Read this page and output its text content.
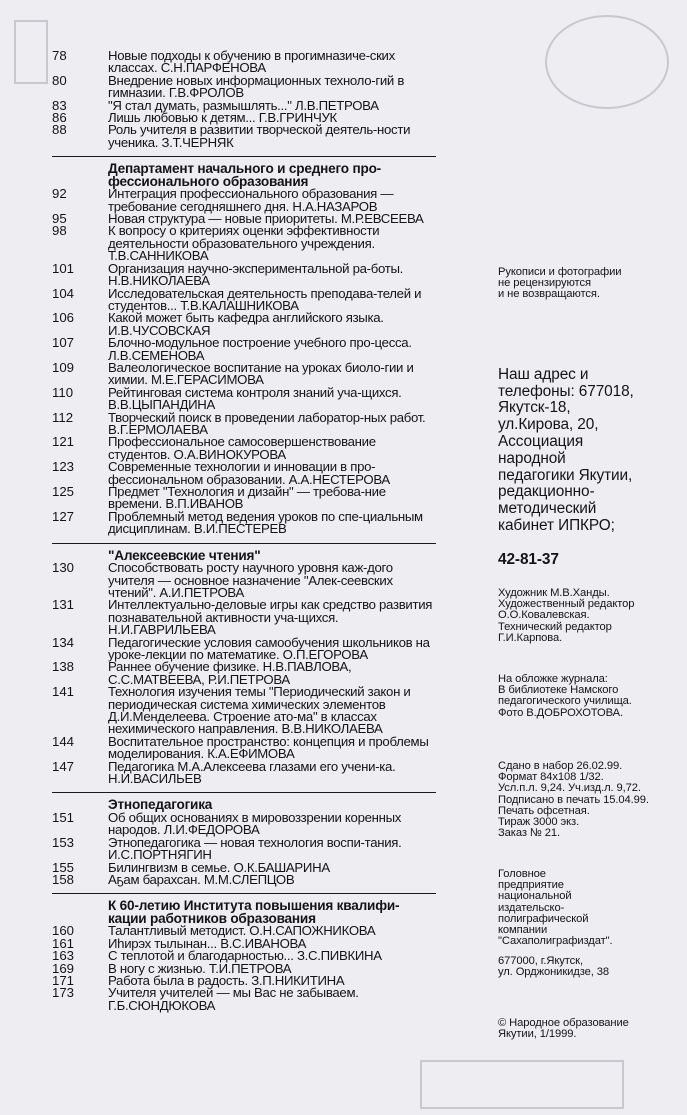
78	Новые подходы к обучению в прогимназиче-ских классах. С.Н.ПАРФЕНОВА
80	Внедрение новых информационных техноло-гий в гимназии. Г.В.ФРОЛОВ
83	"Я стал думать, размышлять..." Л.В.ПЕТРОВА
86	Лишь любовью к детям... Г.В.ГРИНЧУК
88	Роль учителя в развитии творческой деятель-ности ученика. З.Т.ЧЕРНЯК
Департамент начального и среднего про-фессионального образования
92	Интеграция профессионального образования — требование сегодняшнего дня. Н.А.НАЗАРОВ
95	Новая структура — новые приоритеты. М.Р.ЕВСЕЕВА
98	К вопросу о критериях оценки эффективности деятельности образовательного учреждения. Т.В.САННИКОВА
101	Организация научно-экспериментальной ра-боты. Н.В.НИКОЛАЕВА
104	Исследовательская деятельность преподава-телей и студентов... Т.В.КАЛАШНИКОВА
106	Какой может быть кафедра английского языка. И.В.ЧУСОВСКАЯ
107	Блочно-модульное построение учебного про-цесса. Л.В.СЕМЕНОВА
109	Валеологическое воспитание на уроках биоло-гии и химии. М.Е.ГЕРАСИМОВА
110	Рейтинговая система контроля знаний уча-щихся. В.В.ЦЫПАНДИНА
112	Творческий поиск в проведении лаборатор-ных работ. В.Г.ЕРМОЛАЕВА
121	Профессиональное самосовершенствование студентов. О.А.ВИНОКУРОВА
123	Современные технологии и инновации в про-фессиональном образовании. А.А.НЕСТЕРОВА
125	Предмет "Технология и дизайн" — требова-ние времени. В.П.ИВАНОВ
127	Проблемный метод ведения уроков по спе-циальным дисциплинам. В.И.ПЕСТЕРЕВ
"Алексеевские чтения"
130	Способствовать росту научного уровня каж-дого учителя — основное назначение "Алек-сеевских чтений". А.И.ПЕТРОВА
131	Интеллектуально-деловые игры как средство развития познавательной активности уча-щихся. Н.И.ГАВРИЛЬЕВА
134	Педагогические условия самообучения школьников на уроке-лекции по математике. О.П.ЕГОРОВА
138	Раннее обучение физике. Н.В.ПАВЛОВА, С.С.МАТВЕЕВА, Р.И.ПЕТРОВА
141	Технология изучения темы "Периодический закон и периодическая система химических элементов Д.И.Менделеева. Строение ато-ма" в классах нехимического направления. В.В.НИКОЛАЕВА
144	Воспитательное пространство: концепция и проблемы моделирования. К.А.ЕФИМОВА
147	Педагогика М.А.Алексеева глазами его учени-ка. Н.И.ВАСИЛЬЕВ
Этнопедагогика
151	Об общих основаниях в мировоззрении коренных народов. Л.И.ФЕДОРОВА
153	Этнопедагогика — новая технология воспи-тания. И.С.ПОРТНЯГИН
155	Билингвизм в семье. О.К.БАШАРИНА
158	Аҕам барахсан. М.М.СЛЕПЦОВ
К 60-летию Института повышения квалифи-кации работников образования
160	Талантливый методист. О.Н.САПОЖНИКОВА
161	Иһирэх тылынан... В.С.ИВАНОВА
163	С теплотой и благодарностью... З.С.ПИВКИНА
169	В ногу с жизнью. Т.И.ПЕТРОВА
171	Работа была в радость. З.П.НИКИТИНА
173	Учителя учителей — мы Вас не забываем. Г.Б.СЮНДЮКОВА
Рукописи и фотографии
не рецензируются
и не возвращаются.

Наш адрес и
телефоны: 677018,
Якутск-18,
ул.Кирова, 20,
Ассоциация
народной
педагогики Якутии,
редакционно-
методический
кабинет ИПКРО;

42-81-37

Художник М.В.Ханды.
Художественный редактор
О.О.Ковалевская.
Технический редактор
Г.И.Карпова.
На обложке журнала:
В библиотеке Намского
педагогического училища.
Фото В.ДОБРОХОТОВА.
Сдано в набор 26.02.99.
Формат 84x108 1/32.
Усл.п.л. 9,24. Уч.изд.л. 9,72.
Подписано в печать 15.04.99.
Печать офсетная.
Тираж 3000 экз.
Заказ № 21.
Головное
предприятие
национальной
издательско-
полиграфической
компании
"Сахаполиграфиздат".
677000, г.Якутск,
ул. Орджоникидзе, 38
© Народное образование
Якутии, 1/1999.
